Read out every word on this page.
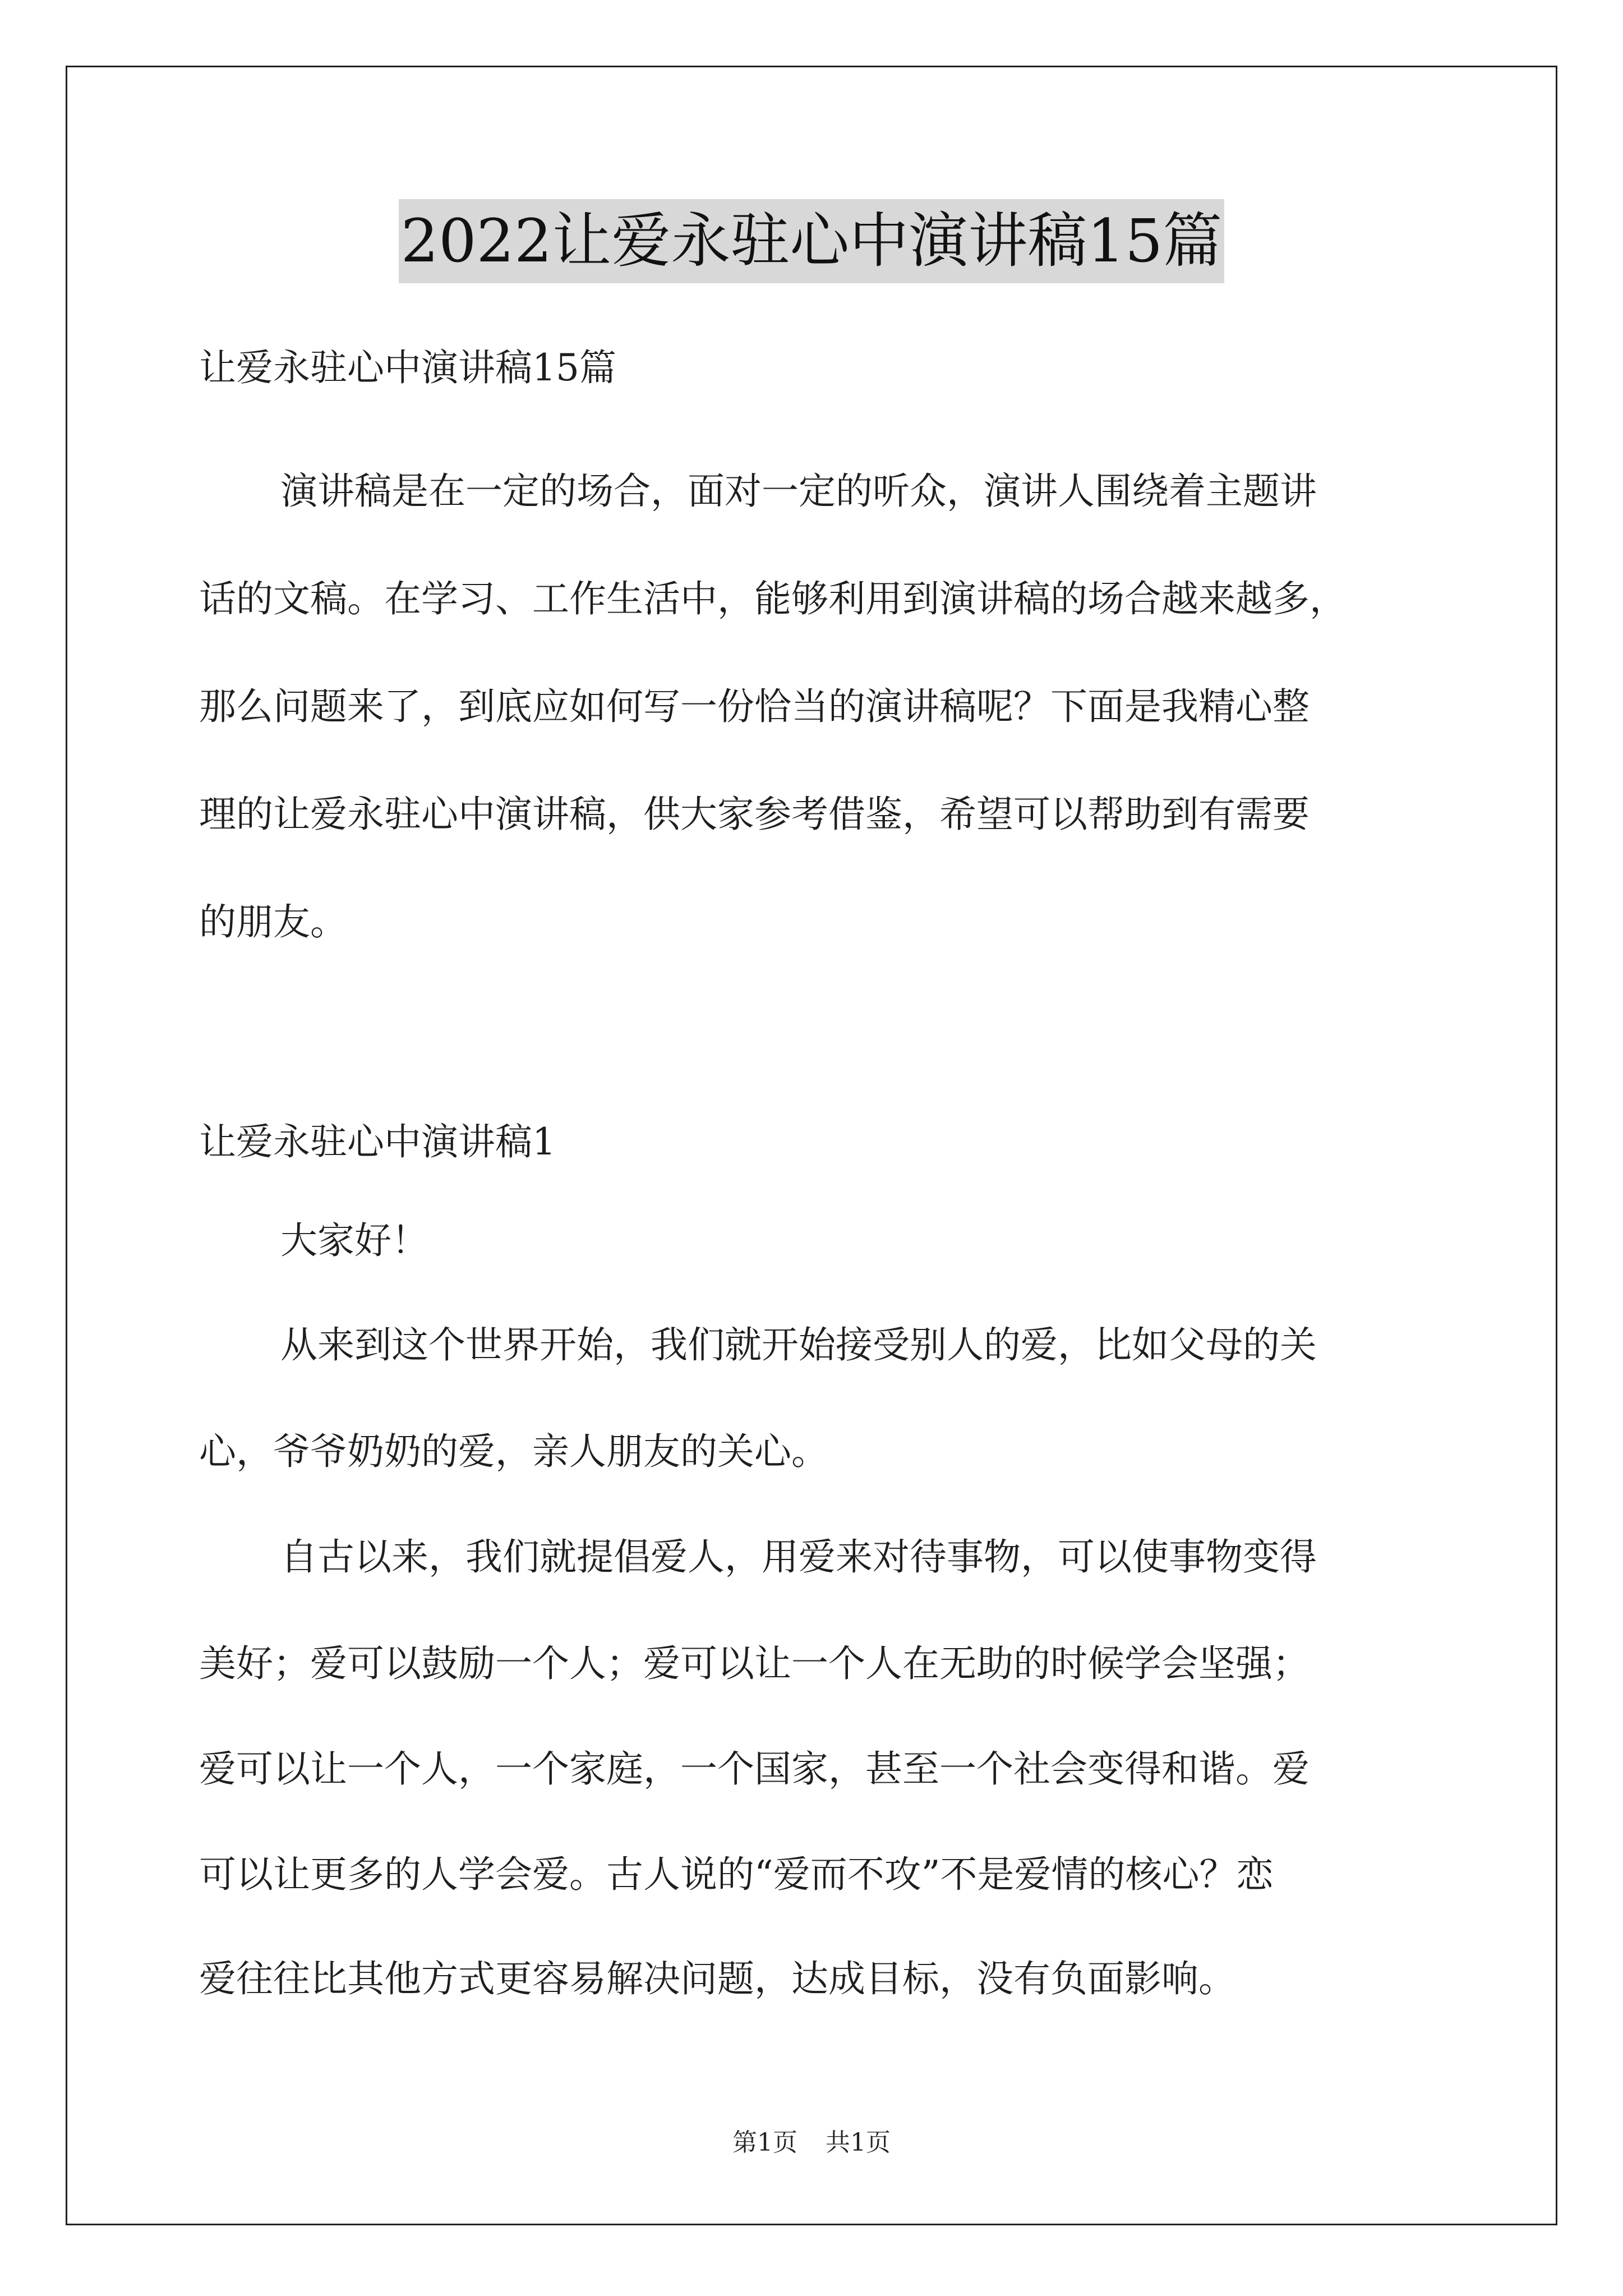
2022让爱永驻心中演讲稿15篇

让爱永驻心中演讲稿15篇

演讲稿是在一定的场合，面对一定的听众，演讲人围绕着主题讲

话的文稿。在学习、工作生活中，能够利用到演讲稿的场合越来越多，

那么问题来了，到底应如何写一份恰当的演讲稿呢？下面是我精心整

理的让爱永驻心中演讲稿，供大家参考借鉴，希望可以帮助到有需要

的朋友。

让爱永驻心中演讲稿1

大家好！

从来到这个世界开始，我们就开始接受别人的爱，比如父母的关

心，爷爷奶奶的爱，亲人朋友的关心。

自古以来，我们就提倡爱人，用爱来对待事物，可以使事物变得

美好；爱可以鼓励一个人；爱可以让一个人在无助的时候学会坚强；

爱可以让一个人，一个家庭，一个国家，甚至一个社会变得和谐。爱

可以让更多的人学会爱。古人说的“爱而不攻”不是爱情的核心？恋

爱往往比其他方式更容易解决问题，达成目标，没有负面影响。

第1页 共1页
